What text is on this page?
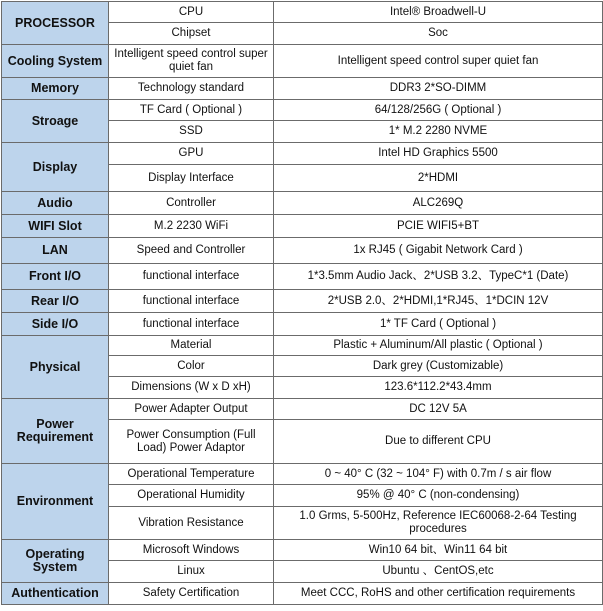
PROCESSOR	CPU	Intel® Broadwell-U
	Chipset	Soc
Cooling System	Intelligent speed control super quiet fan	Intelligent speed control super quiet fan
Memory	Technology standard	DDR3 2*SO-DIMM
Stroage	TF Card ( Optional )	64/128/256G ( Optional )
	SSD	1* M.2 2280 NVME
Display	GPU	Intel HD Graphics 5500
	Display Interface	2*HDMI
Audio	Controller	ALC269Q
WIFI Slot	M.2 2230 WiFi	PCIE WIFI5+BT
LAN	Speed and Controller	1x RJ45 ( Gigabit Network Card )
Front I/O	functional interface	1*3.5mm Audio Jack、2*USB 3.2、TypeC*1 (Date)
Rear I/O	functional interface	2*USB 2.0、2*HDMI,1*RJ45、1*DCIN 12V
Side I/O	functional interface	1* TF Card ( Optional )
Physical	Material	Plastic + Aluminum/All plastic ( Optional )
	Color	Dark grey (Customizable)
	Dimensions (W x D xH)	123.6*112.2*43.4mm
Power Requirement	Power Adapter Output	DC 12V 5A
	Power Consumption (Full Load) Power Adaptor	Due to different CPU
Environment	Operational Temperature	0 ~ 40° C (32 ~ 104° F) with 0.7m / s air flow
	Operational Humidity	95% @ 40° C (non-condensing)
	Vibration Resistance	1.0 Grms, 5-500Hz, Reference IEC60068-2-64 Testing procedures
Operating System	Microsoft Windows	Win10 64 bit、Win11 64 bit
	Linux	Ubuntu 、CentOS,etc
Authentication	Safety Certification	Meet CCC, RoHS and other certification requirements
